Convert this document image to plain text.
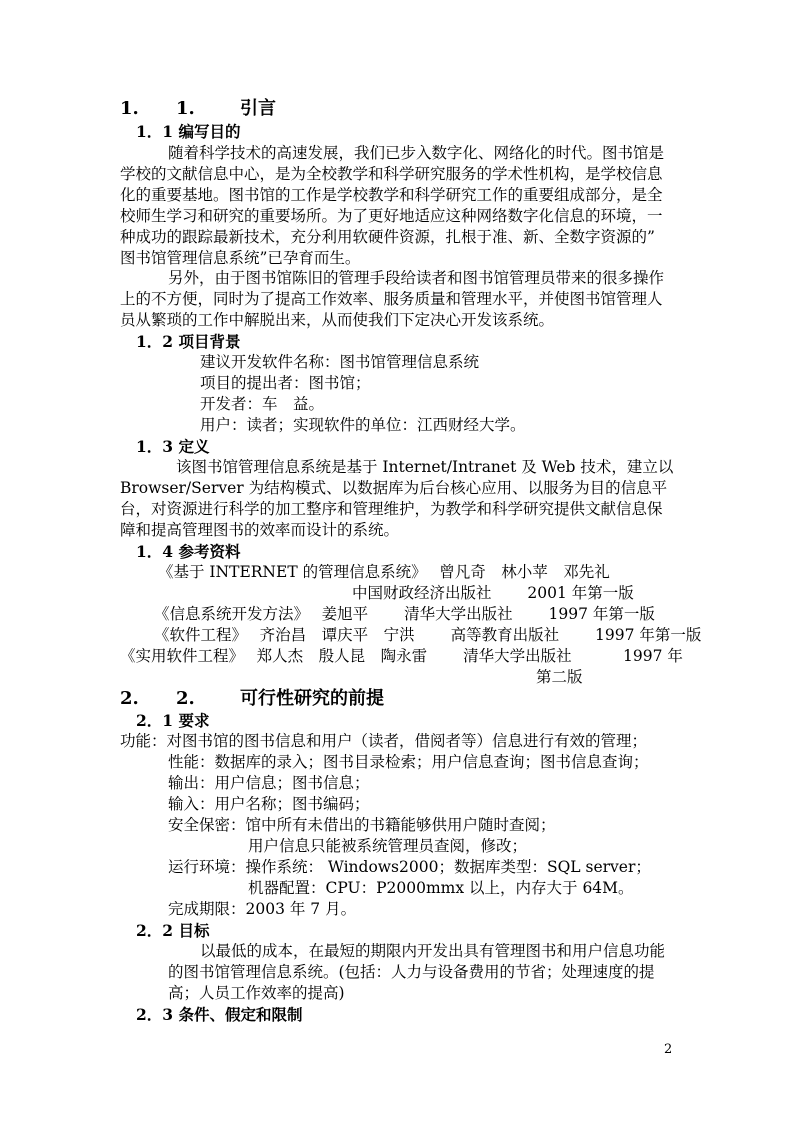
1. 1.	引言
1．1 编写目的
随着科学技术的高速发展，我们已步入数字化、网络化的时代。图书馆是
学校的文献信息中心，是为全校教学和科学研究服务的学术性机构，是学校信息
化的重要基地。图书馆的工作是学校教学和科学研究工作的重要组成部分，是全
校师生学习和研究的重要场所。为了更好地适应这种网络数字化信息的环境，一
种成功的跟踪最新技术，充分利用软硬件资源，扎根于准、新、全数字资源的”
图书馆管理信息系统”已孕育而生。
另外，由于图书馆陈旧的管理手段给读者和图书馆管理员带来的很多操作
上的不方便，同时为了提高工作效率、服务质量和管理水平，并使图书馆管理人
员从繁琐的工作中解脱出来，从而使我们下定决心开发该系统。
1．2 项目背景
建议开发软件名称：图书馆管理信息系统
项目的提出者：图书馆；
开发者：车　益。
用户：读者；实现软件的单位：江西财经大学。
1．3 定义
该图书馆管理信息系统是基于 Internet/Intranet 及 Web 技术，建立以
Browser/Server 为结构模式、以数据库为后台核心应用、以服务为目的信息平
台，对资源进行科学的加工整序和管理维护，为教学和科学研究提供文献信息保
障和提高管理图书的效率而设计的系统。
1．4 参考资料
《基于 INTERNET 的管理信息系统》　 曾凡奇　林小苹　邓先礼
中国财政经济出版社　　 2001 年第一版
《信息系统开发方法》　 姜旭平　　 清华大学出版社　　 1997 年第一版
《软件工程》　 齐治昌　谭庆平　宁洪　　 高等教育出版社　　 1997 年第一版
《实用软件工程》　 郑人杰　殷人昆　陶永雷　　 清华大学出版社　　　 1997 年
第二版
2. 2.	可行性研究的前提
2．1 要求
功能：对图书馆的图书信息和用户（读者，借阅者等）信息进行有效的管理；
性能：数据库的录入；图书目录检索；用户信息查询；图书信息查询；
输出：用户信息；图书信息；
输入：用户名称；图书编码；
安全保密：馆中所有未借出的书籍能够供用户随时查阅；
用户信息只能被系统管理员查阅，修改；
运行环境：操作系统： Windows2000；数据库类型：SQL server；
机器配置：CPU：P2000mmx 以上，内存大于 64M。
完成期限：2003 年 7 月。
2．2 目标
以最低的成本，在最短的期限内开发出具有管理图书和用户信息功能
的图书馆管理信息系统。(包括：人力与设备费用的节省；处理速度的提
高；人员工作效率的提高)
2．3 条件、假定和限制
2
